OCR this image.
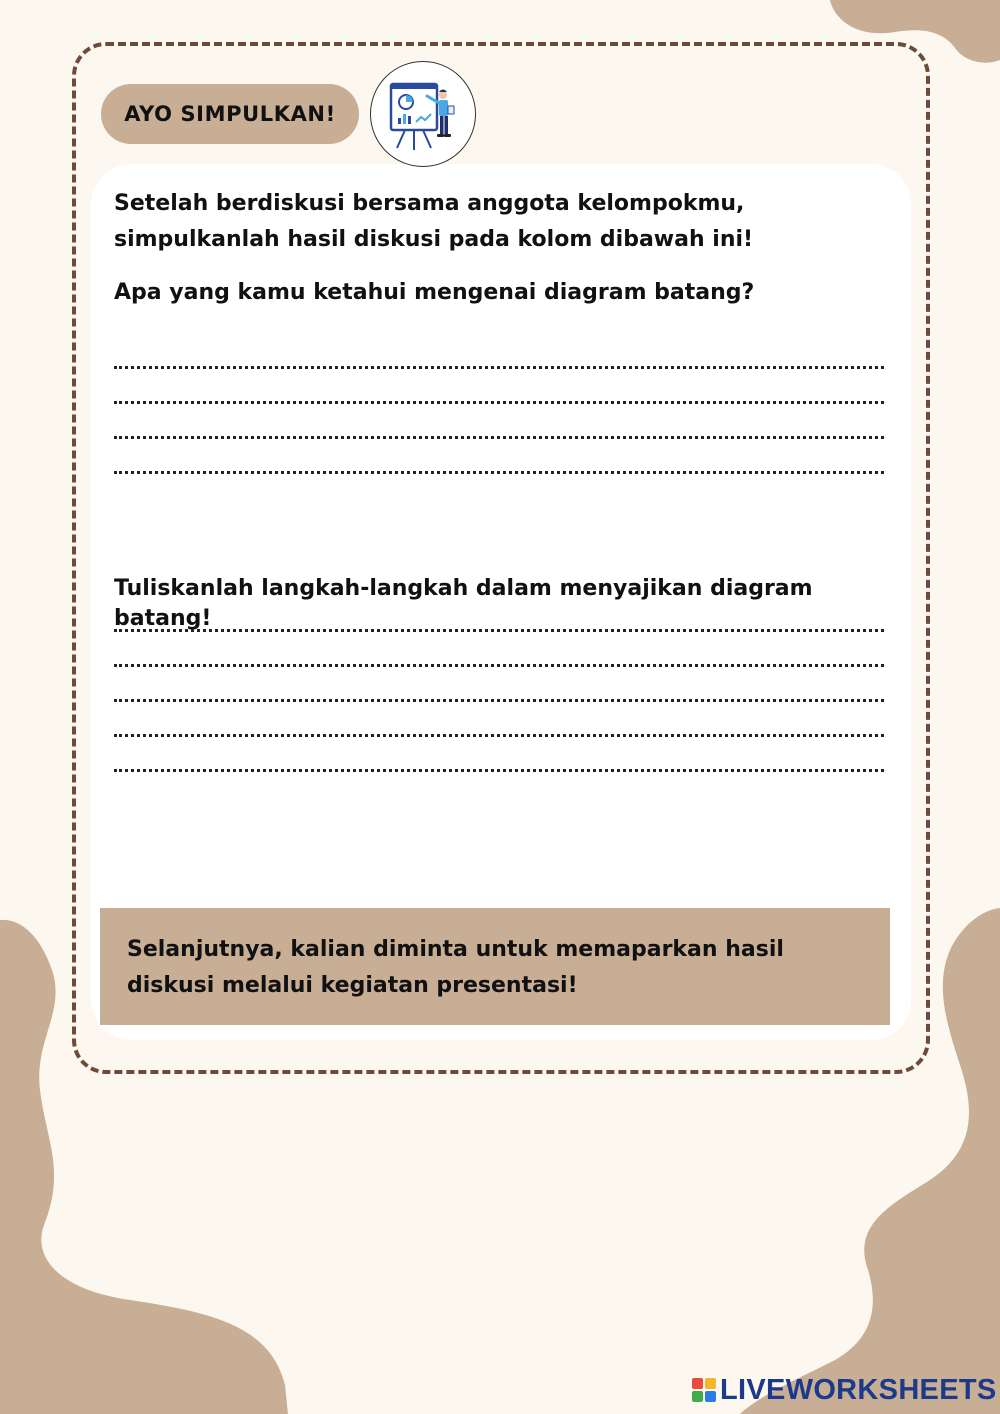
AYO SIMPULKAN!

Setelah berdiskusi bersama anggota kelompokmu, simpulkanlah hasil diskusi pada kolom dibawah ini!

Apa yang kamu ketahui mengenai diagram batang?

Tuliskanlah langkah-langkah dalam menyajikan diagram batang!

Selanjutnya, kalian diminta untuk memaparkan hasil diskusi melalui kegiatan presentasi!

LIVEWORKSHEETS
